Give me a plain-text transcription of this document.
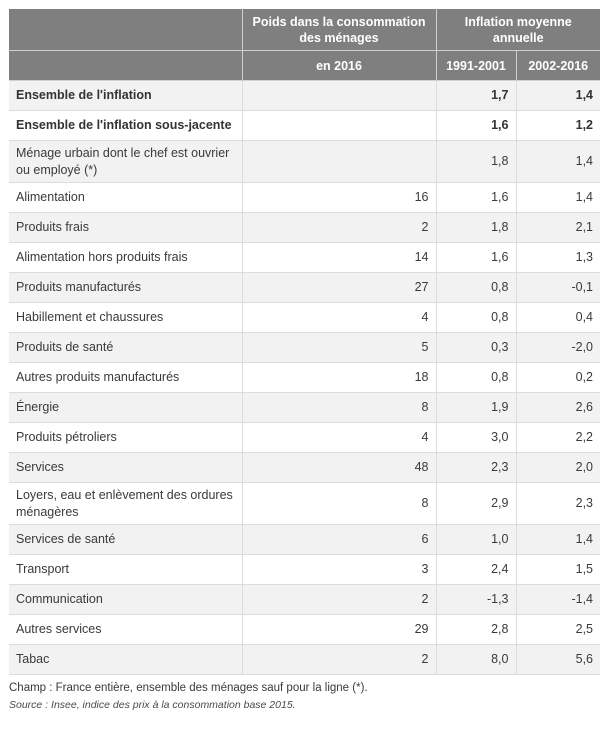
	Poids dans la consommation des ménages	Inflation moyenne annuelle	
	en 2016	1991-2001	2002-2016
Ensemble de l'inflation		1,7	1,4
Ensemble de l'inflation sous-jacente		1,6	1,2
Ménage urbain dont le chef est ouvrier ou employé (*)		1,8	1,4
Alimentation	16	1,6	1,4
Produits frais	2	1,8	2,1
Alimentation hors produits frais	14	1,6	1,3
Produits manufacturés	27	0,8	-0,1
Habillement et chaussures	4	0,8	0,4
Produits de santé	5	0,3	-2,0
Autres produits manufacturés	18	0,8	0,2
Énergie	8	1,9	2,6
Produits pétroliers	4	3,0	2,2
Services	48	2,3	2,0
Loyers, eau et enlèvement des ordures ménagères	8	2,9	2,3
Services de santé	6	1,0	1,4
Transport	3	2,4	1,5
Communication	2	-1,3	-1,4
Autres services	29	2,8	2,5
Tabac	2	8,0	5,6
Champ : France entière, ensemble des ménages sauf pour la ligne (*).
Source : Insee, indice des prix à la consommation base 2015.
